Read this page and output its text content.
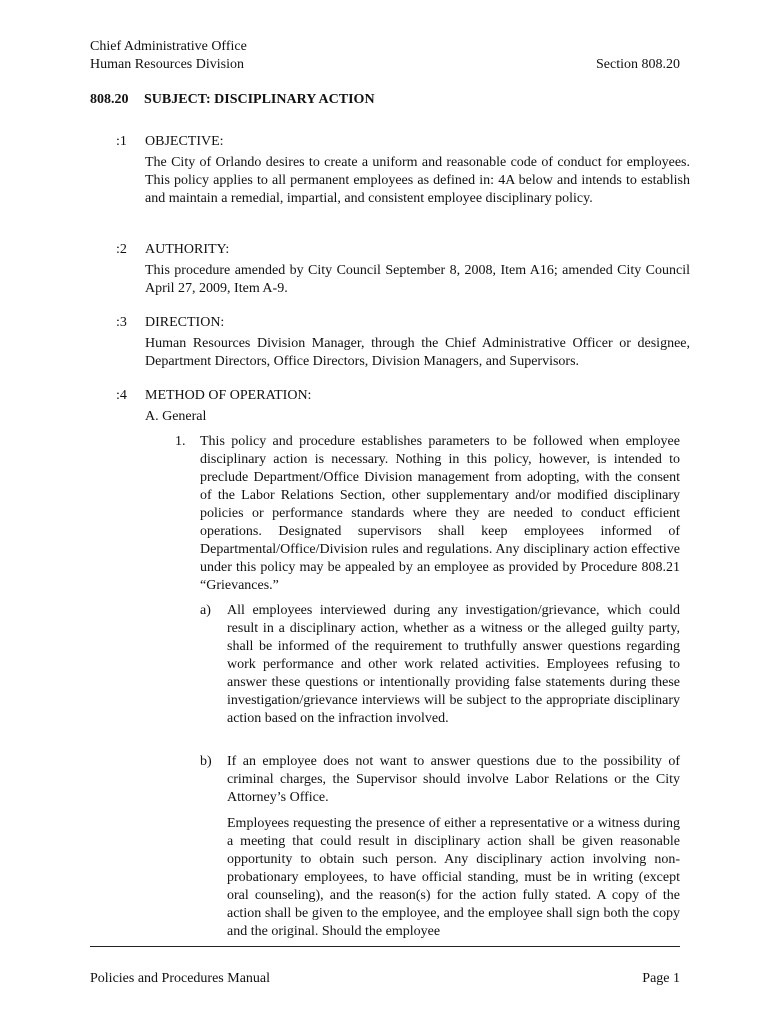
Chief Administrative Office
Human Resources Division	Section 808.20
808.20 SUBJECT: DISCIPLINARY ACTION
:1 OBJECTIVE:
The City of Orlando desires to create a uniform and reasonable code of conduct for employees. This policy applies to all permanent employees as defined in: 4A below and intends to establish and maintain a remedial, impartial, and consistent employee disciplinary policy.
:2 AUTHORITY:
This procedure amended by City Council September 8, 2008, Item A16; amended City Council April 27, 2009, Item A-9.
:3 DIRECTION:
Human Resources Division Manager, through the Chief Administrative Officer or designee, Department Directors, Office Directors, Division Managers, and Supervisors.
:4 METHOD OF OPERATION:
A. General
1. This policy and procedure establishes parameters to be followed when employee disciplinary action is necessary. Nothing in this policy, however, is intended to preclude Department/Office Division management from adopting, with the consent of the Labor Relations Section, other supplementary and/or modified disciplinary policies or performance standards where they are needed to conduct efficient operations. Designated supervisors shall keep employees informed of Departmental/Office/Division rules and regulations. Any disciplinary action effective under this policy may be appealed by an employee as provided by Procedure 808.21 “Grievances.”
a) All employees interviewed during any investigation/grievance, which could result in a disciplinary action, whether as a witness or the alleged guilty party, shall be informed of the requirement to truthfully answer questions regarding work performance and other work related activities. Employees refusing to answer these questions or intentionally providing false statements during these investigation/grievance interviews will be subject to the appropriate disciplinary action based on the infraction involved.
b) If an employee does not want to answer questions due to the possibility of criminal charges, the Supervisor should involve Labor Relations or the City Attorney’s Office.
Employees requesting the presence of either a representative or a witness during a meeting that could result in disciplinary action shall be given reasonable opportunity to obtain such person. Any disciplinary action involving non-probationary employees, to have official standing, must be in writing (except oral counseling), and the reason(s) for the action fully stated. A copy of the action shall be given to the employee, and the employee shall sign both the copy and the original. Should the employee
Policies and Procedures Manual	Page 1
